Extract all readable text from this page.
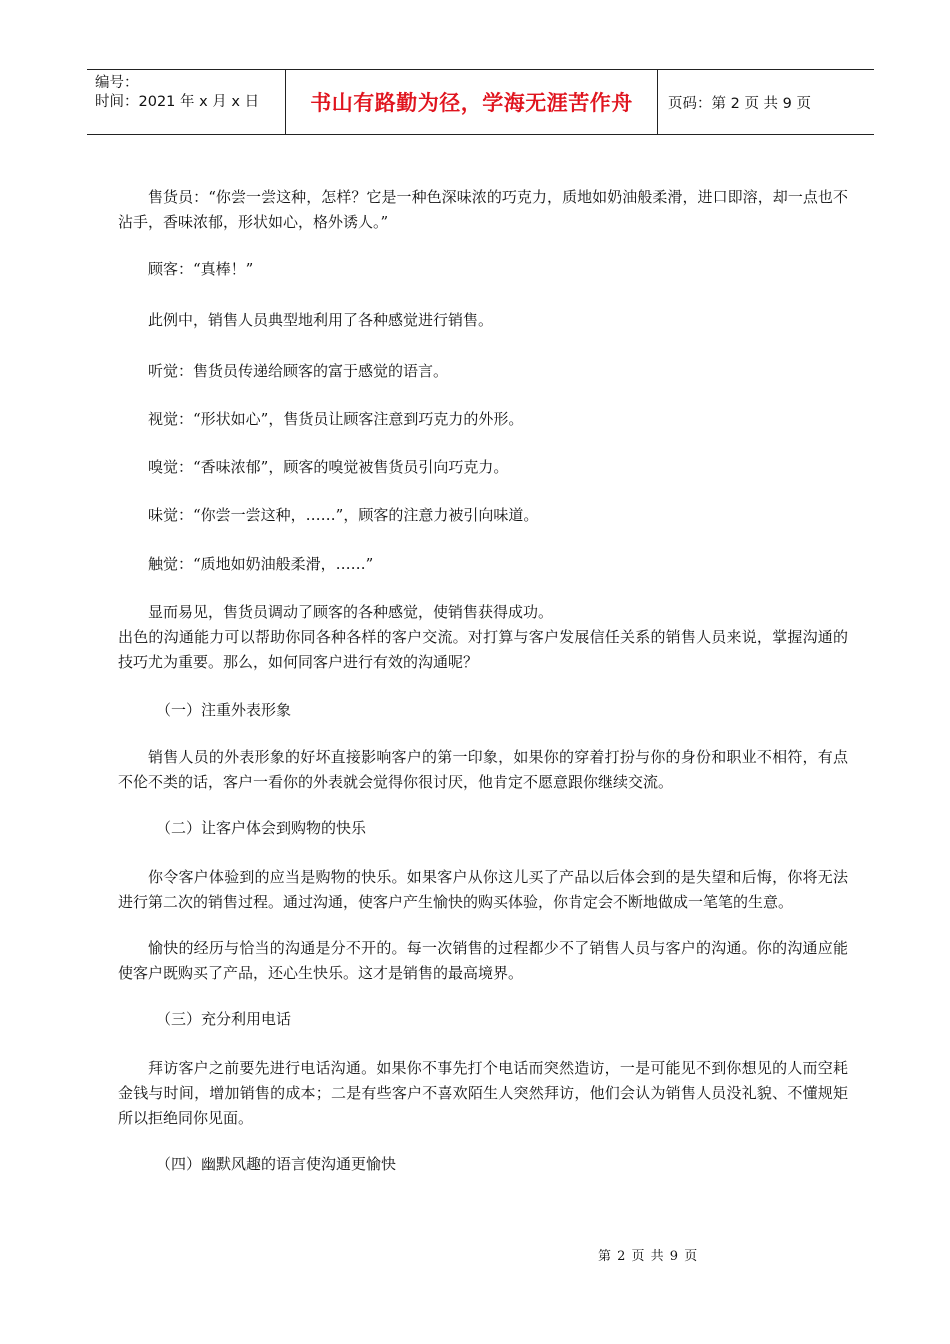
编号：
时间：2021 年 x 月 x 日	书山有路勤为径，学海无涯苦作舟	页码：第 2 页 共 9 页

售货员：“你尝一尝这种，怎样？它是一种色深味浓的巧克力，质地如奶油般柔滑，进口即溶，却一点也不沾手，香味浓郁，形状如心，格外诱人。”

顾客：“真棒！”

此例中，销售人员典型地利用了各种感觉进行销售。

听觉：售货员传递给顾客的富于感觉的语言。

视觉：“形状如心”，售货员让顾客注意到巧克力的外形。

嗅觉：“香味浓郁”，顾客的嗅觉被售货员引向巧克力。

味觉：“你尝一尝这种，……”，顾客的注意力被引向味道。

触觉：“质地如奶油般柔滑，……”

显而易见，售货员调动了顾客的各种感觉，使销售获得成功。

出色的沟通能力可以帮助你同各种各样的客户交流。对打算与客户发展信任关系的销售人员来说，掌握沟通的技巧尤为重要。那么，如何同客户进行有效的沟通呢？

（一）注重外表形象

销售人员的外表形象的好坏直接影响客户的第一印象，如果你的穿着打扮与你的身份和职业不相符，有点不伦不类的话，客户一看你的外表就会觉得你很讨厌，他肯定不愿意跟你继续交流。

（二）让客户体会到购物的快乐

你令客户体验到的应当是购物的快乐。如果客户从你这儿买了产品以后体会到的是失望和后悔，你将无法进行第二次的销售过程。通过沟通，使客户产生愉快的购买体验，你肯定会不断地做成一笔笔的生意。

愉快的经历与恰当的沟通是分不开的。每一次销售的过程都少不了销售人员与客户的沟通。你的沟通应能使客户既购买了产品，还心生快乐。这才是销售的最高境界。

（三）充分利用电话

拜访客户之前要先进行电话沟通。如果你不事先打个电话而突然造访，一是可能见不到你想见的人而空耗金钱与时间，增加销售的成本；二是有些客户不喜欢陌生人突然拜访，他们会认为销售人员没礼貌、不懂规矩所以拒绝同你见面。

（四）幽默风趣的语言使沟通更愉快

第 2 页 共 9 页
